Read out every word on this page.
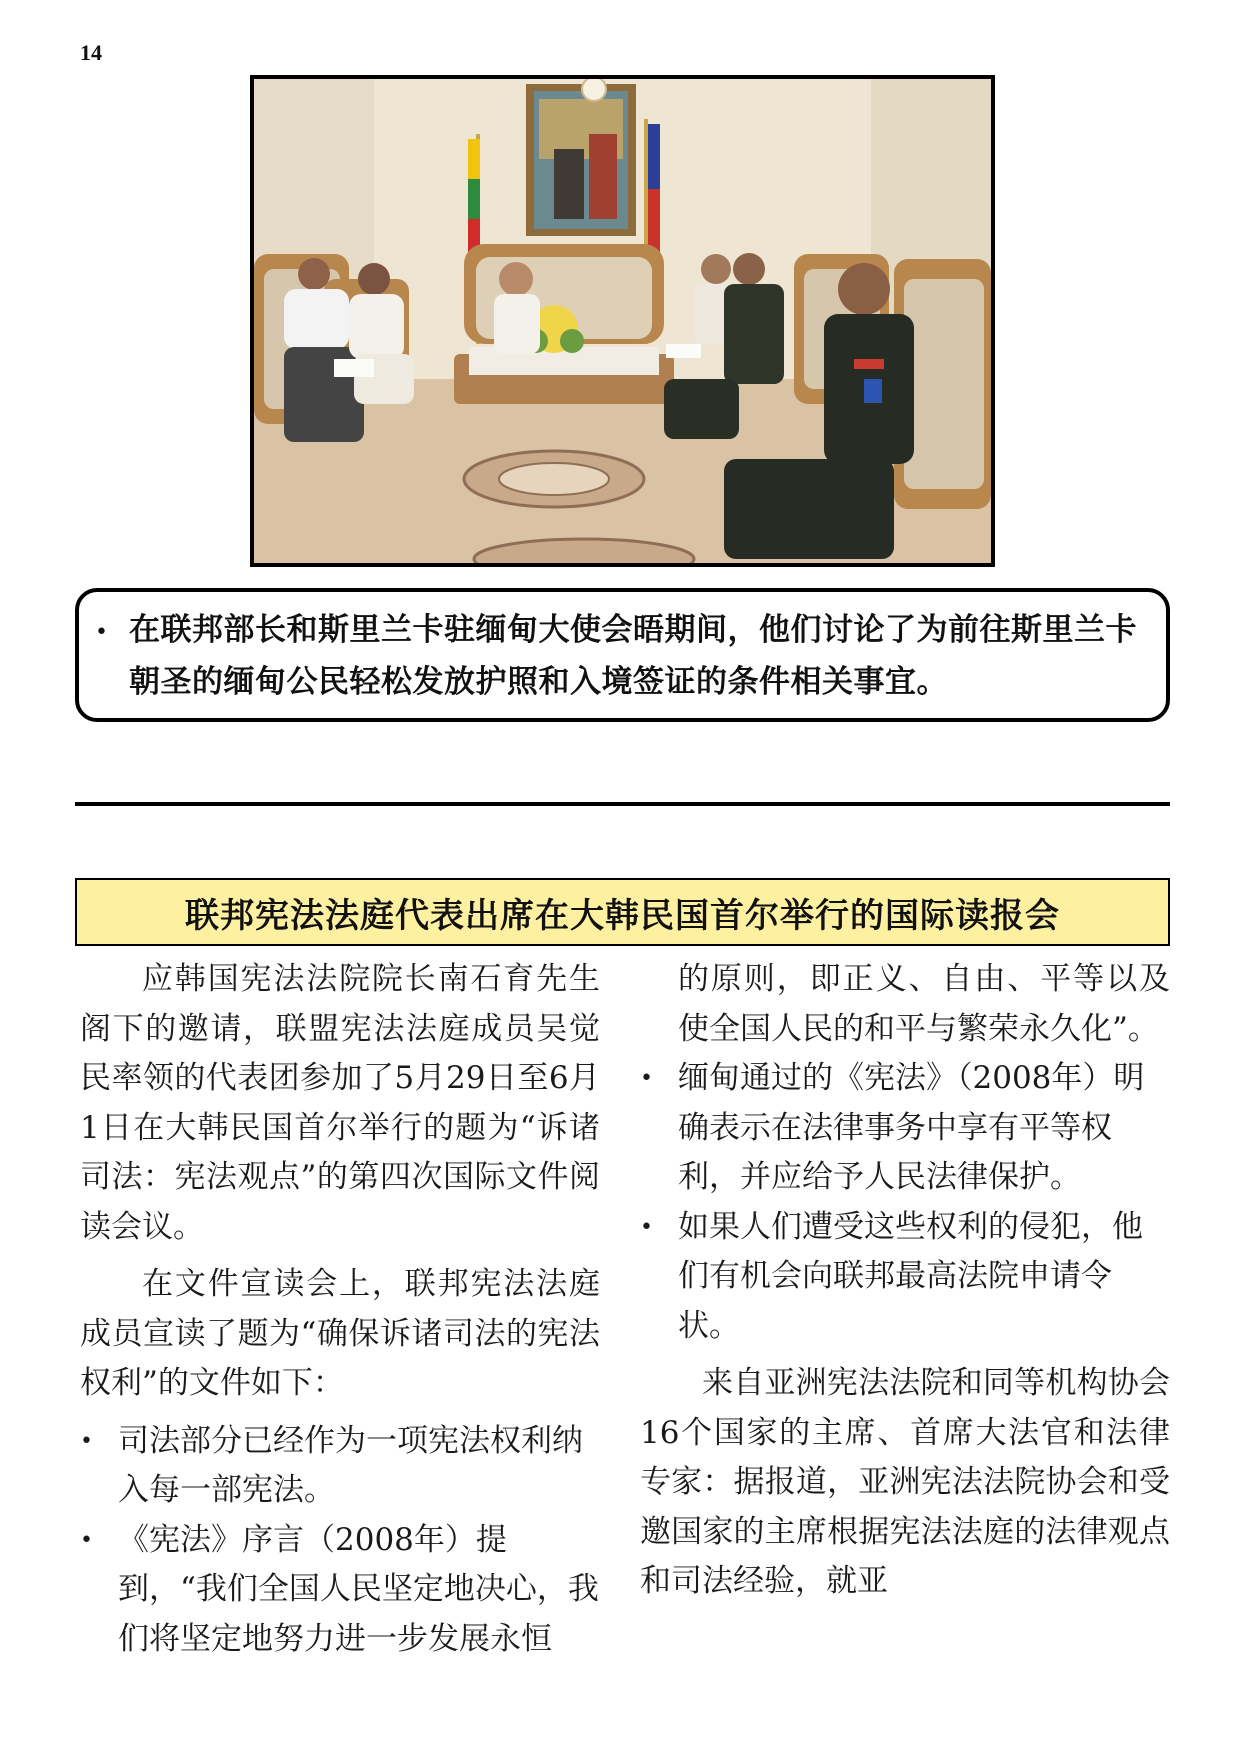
14
• 在联邦部长和斯里兰卡驻缅甸大使会晤期间，他们讨论了为前往斯里兰卡朝圣的缅甸公民轻松发放护照和入境签证的条件相关事宜。
联邦宪法法庭代表出席在大韩民国首尔举行的国际读报会

应韩国宪法法院院长南石育先生阁下的邀请，联盟宪法法庭成员吴觉民率领的代表团参加了5月29日至6月1日在大韩民国首尔举行的题为“诉诸司法：宪法观点”的第四次国际文件阅读会议。

在文件宣读会上，联邦宪法法庭成员宣读了题为“确保诉诸司法的宪法权利”的文件如下：

• 司法部分已经作为一项宪法权利纳入每一部宪法。
• 《宪法》序言（2008年）提到，“我们全国人民坚定地决心，我们将坚定地努力进一步发展永恒

的原则，即正义、自由、平等以及使全国人民的和平与繁荣永久化”。

• 缅甸通过的《宪法》（2008年）明确表示在法律事务中享有平等权利，并应给予人民法律保护。
• 如果人们遭受这些权利的侵犯，他们有机会向联邦最高法院申请令状。

来自亚洲宪法法院和同等机构协会16个国家的主席、首席大法官和法律专家：据报道，亚洲宪法法院协会和受邀国家的主席根据宪法法庭的法律观点和司法经验，就亚
